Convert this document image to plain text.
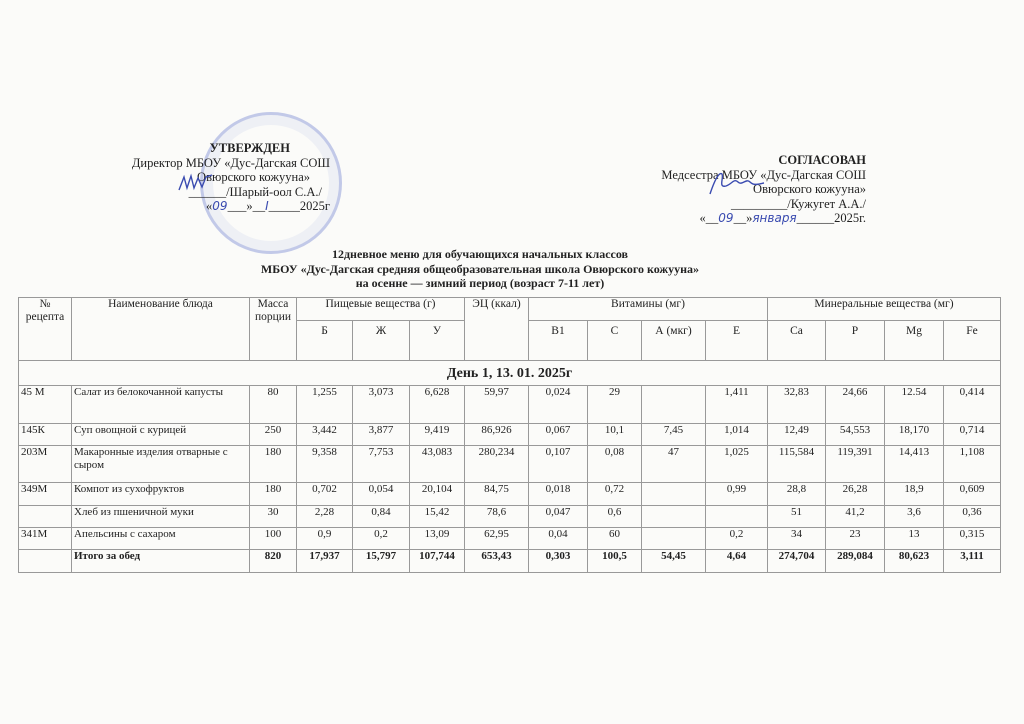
УТВЕРЖДЕН
Директор МБОУ «Дус-Дагская СОШ
Овюрского кожууна»
______/Шарый-оол С.А./
«09___»__I_____2025г
СОГЛАСОВАН
Медсестра МБОУ «Дус-Дагская СОШ
Овюрского кожууна»
_________/Кужугет А.А./
«__09__»января______2025г.
12дневное меню для обучающихся начальных классов
МБОУ «Дус-Дагская средняя общеобразовательная школа Овюрского кожууна»
на осенне — зимний период (возраст 7-11 лет)
№ рецепта	Наименование блюда	Масса порции	Пищевые вещества (г)			ЭЦ (ккал)	Витамины (мг)				Минеральные вещества (мг)			
			Б	Ж	У		B1	C	А (мкг)	E	Ca	P	Mg	Fe
День 1, 13. 01. 2025г														
45 М	Салат из белокочанной капусты	80	1,255	3,073	6,628	59,97	0,024	29		1,411	32,83	24,66	12.54	0,414
145К	Суп овощной с курицей	250	3,442	3,877	9,419	86,926	0,067	10,1	7,45	1,014	12,49	54,553	18,170	0,714
203М	Макаронные изделия отварные с сыром	180	9,358	7,753	43,083	280,234	0,107	0,08	47	1,025	115,584	119,391	14,413	1,108
349М	Компот из сухофруктов	180	0,702	0,054	20,104	84,75	0,018	0,72		0,99	28,8	26,28	18,9	0,609
	Хлеб из пшеничной муки	30	2,28	0,84	15,42	78,6	0,047	0,6			51	41,2	3,6	0,36
341М	Апельсины с сахаром	100	0,9	0,2	13,09	62,95	0,04	60		0,2	34	23	13	0,315
	Итого за обед	820	17,937	15,797	107,744	653,43	0,303	100,5	54,45	4,64	274,704	289,084	80,623	3,111
